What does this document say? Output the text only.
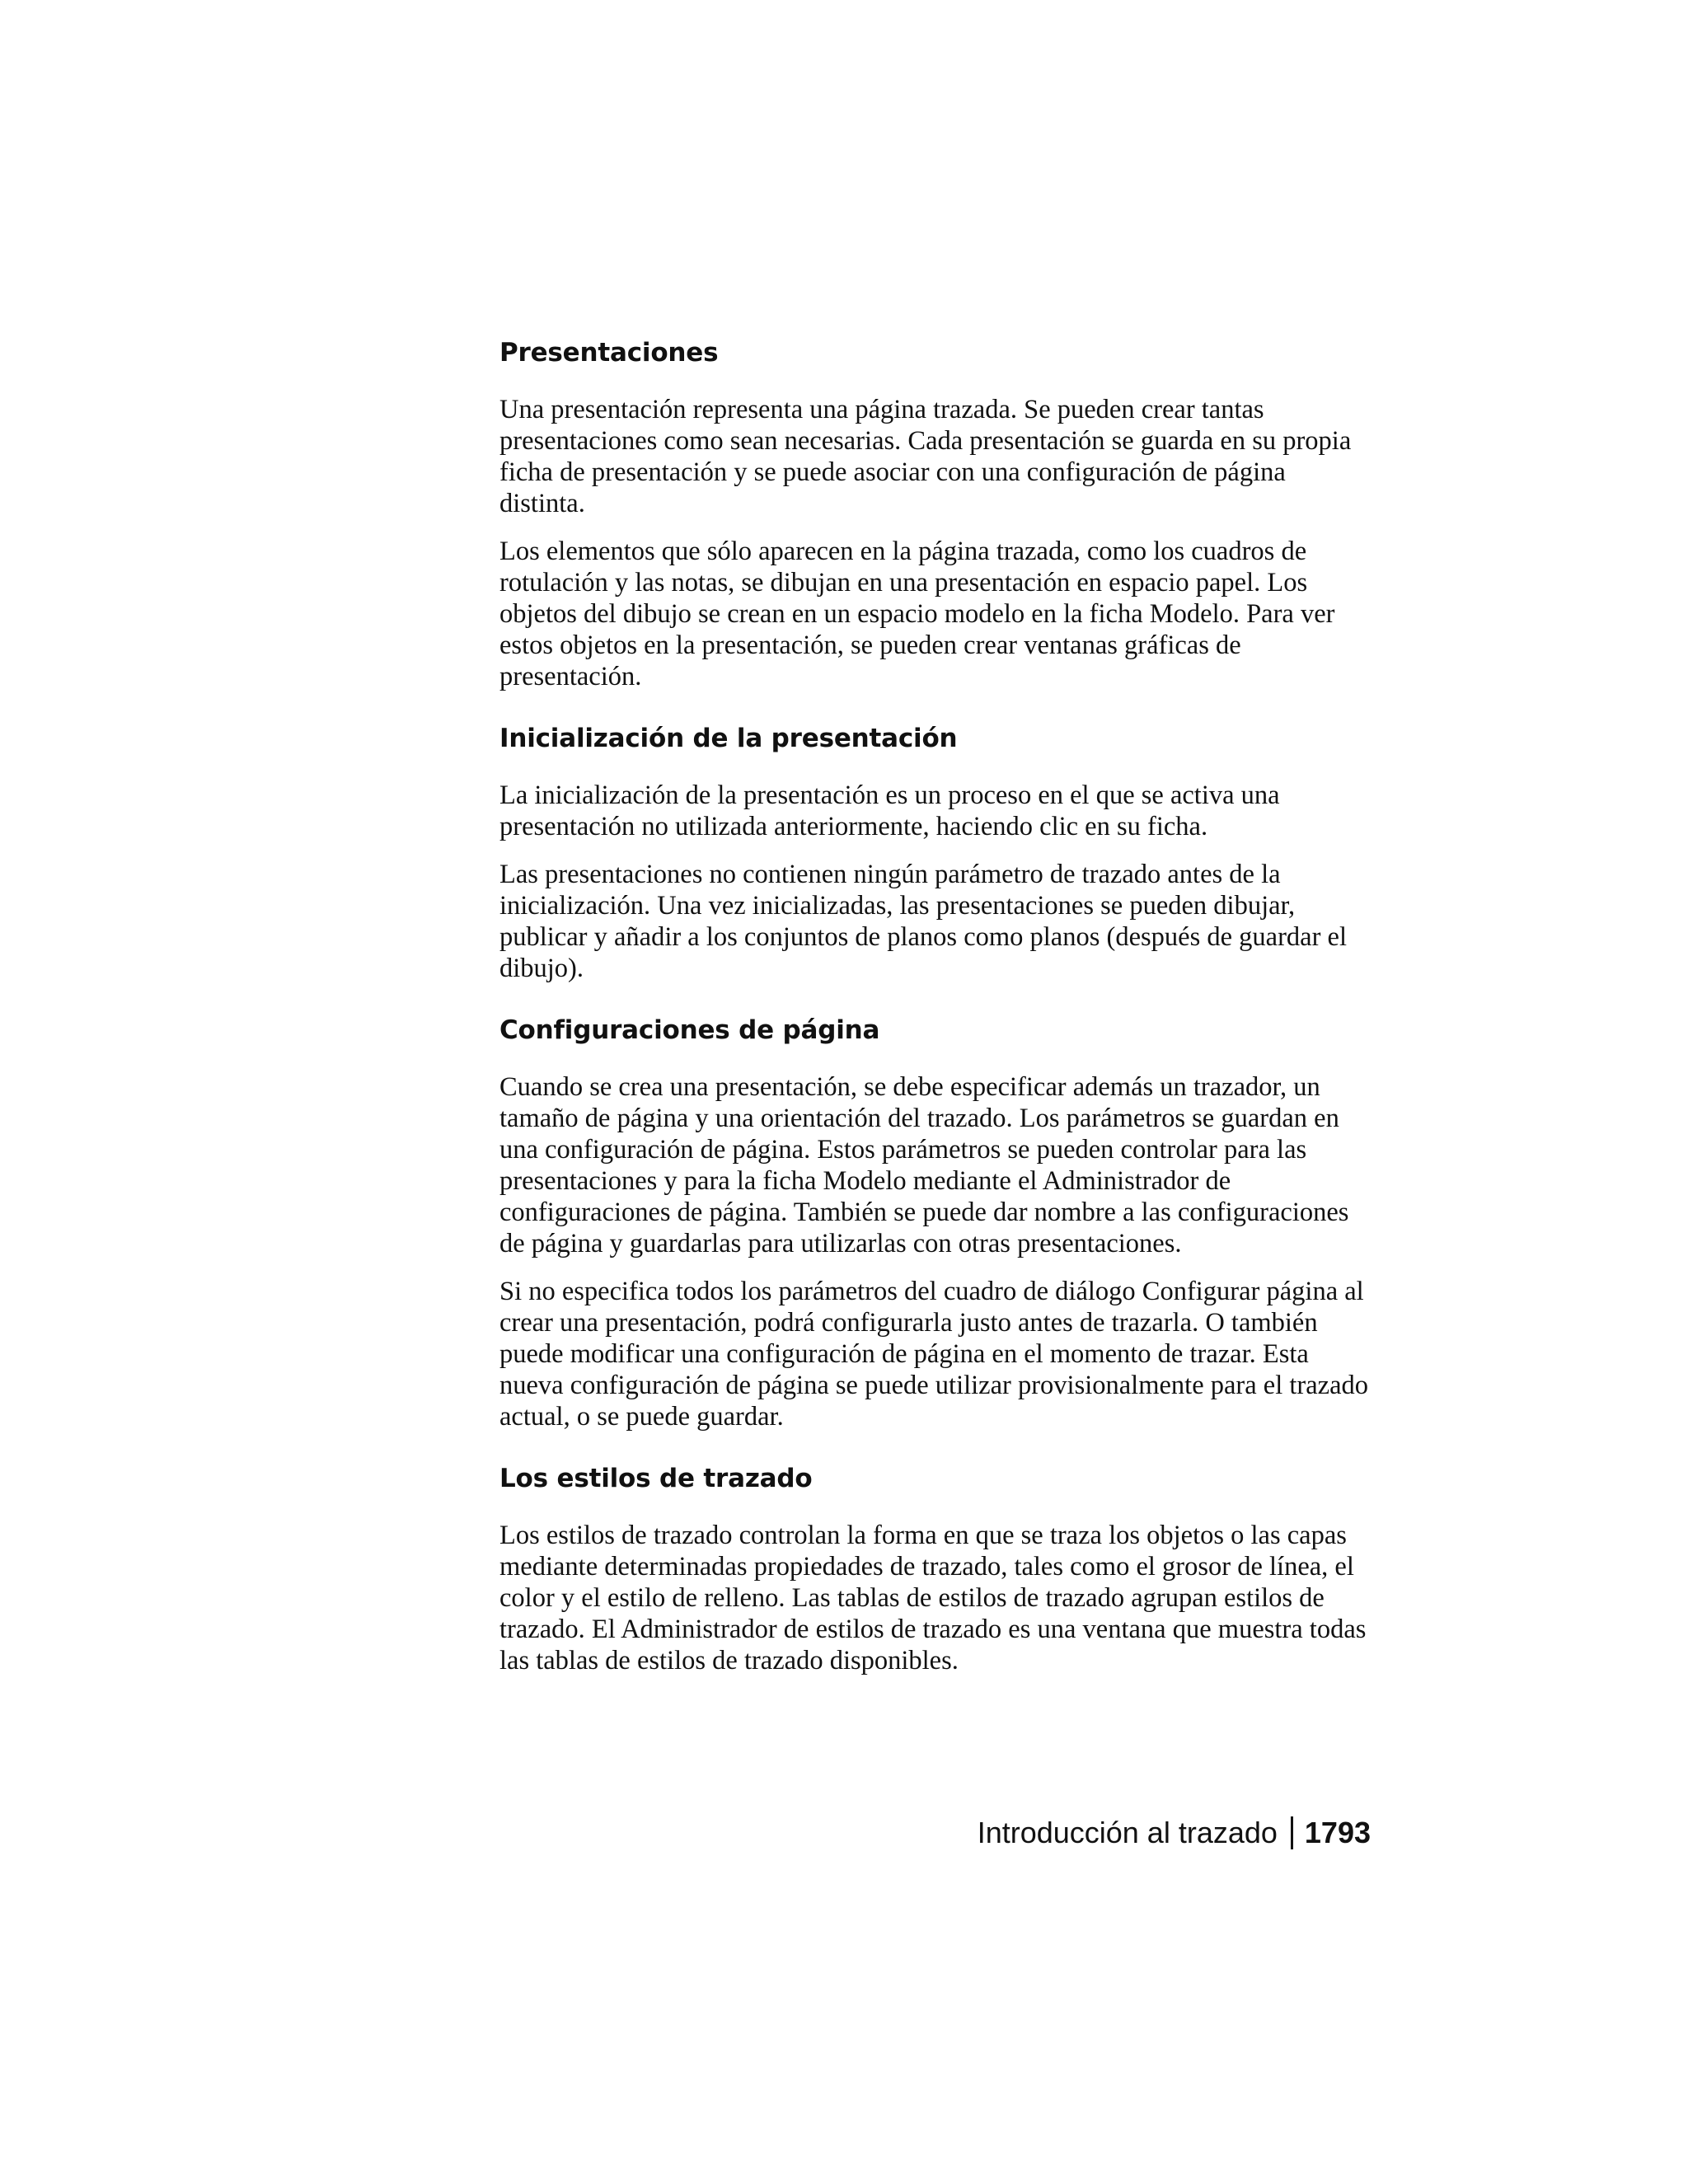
Presentaciones

Una presentación representa una página trazada. Se pueden crear tantas presentaciones como sean necesarias. Cada presentación se guarda en su propia ficha de presentación y se puede asociar con una configuración de página distinta.

Los elementos que sólo aparecen en la página trazada, como los cuadros de rotulación y las notas, se dibujan en una presentación en espacio papel. Los objetos del dibujo se crean en un espacio modelo en la ficha Modelo. Para ver estos objetos en la presentación, se pueden crear ventanas gráficas de presentación.

Inicialización de la presentación

La inicialización de la presentación es un proceso en el que se activa una presentación no utilizada anteriormente, haciendo clic en su ficha.

Las presentaciones no contienen ningún parámetro de trazado antes de la inicialización. Una vez inicializadas, las presentaciones se pueden dibujar, publicar y añadir a los conjuntos de planos como planos (después de guardar el dibujo).

Configuraciones de página

Cuando se crea una presentación, se debe especificar además un trazador, un tamaño de página y una orientación del trazado. Los parámetros se guardan en una configuración de página. Estos parámetros se pueden controlar para las presentaciones y para la ficha Modelo mediante el Administrador de configuraciones de página. También se puede dar nombre a las configuraciones de página y guardarlas para utilizarlas con otras presentaciones.

Si no especifica todos los parámetros del cuadro de diálogo Configurar página al crear una presentación, podrá configurarla justo antes de trazarla. O también puede modificar una configuración de página en el momento de trazar. Esta nueva configuración de página se puede utilizar provisionalmente para el trazado actual, o se puede guardar.

Los estilos de trazado

Los estilos de trazado controlan la forma en que se traza los objetos o las capas mediante determinadas propiedades de trazado, tales como el grosor de línea, el color y el estilo de relleno. Las tablas de estilos de trazado agrupan estilos de trazado. El Administrador de estilos de trazado es una ventana que muestra todas las tablas de estilos de trazado disponibles.

Introducción al trazado 1793
